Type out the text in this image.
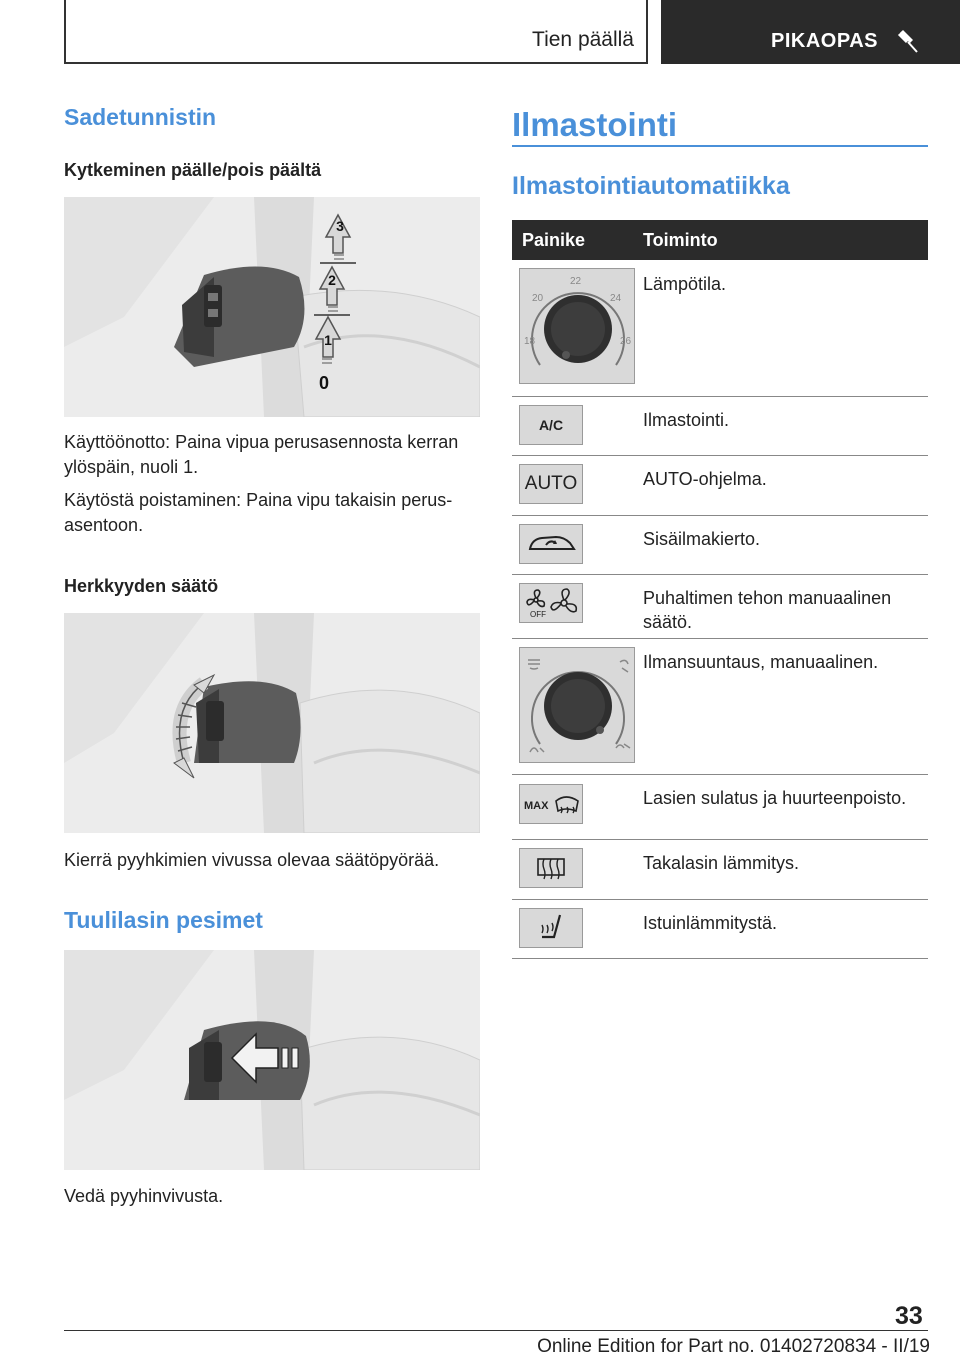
Tien päällä	PIKAOPAS
Sadetunnistin
Kytkeminen päälle/pois päältä
3
2
1
0
Käyttöönotto: Paina vipua perusasennosta kerran ylöspäin, nuoli 1.
Käytöstä poistaminen: Paina vipu takaisin perusasentoon.
Herkkyyden säätö
Kierrä pyyhkimien vivussa olevaa säätöpyörää.
Tuulilasin pesimet
Vedä pyyhinvivusta.
Ilmastointi
Ilmastointiautomatiikka
Painike	Toiminto
18
20
22
24
26
Lämpötila.
A/C	Ilmastointi.
AUTO	AUTO-ohjelma.
Sisäilmakierto.
OFF
Puhaltimen tehon manuaalinen säätö.
Ilmansuuntaus, manuaalinen.
MAX	Lasien sulatus ja huurteenpoisto.
Takalasin lämmitys.
Istuinlämmitystä.
33
Online Edition for Part no. 01402720834 - II/19
